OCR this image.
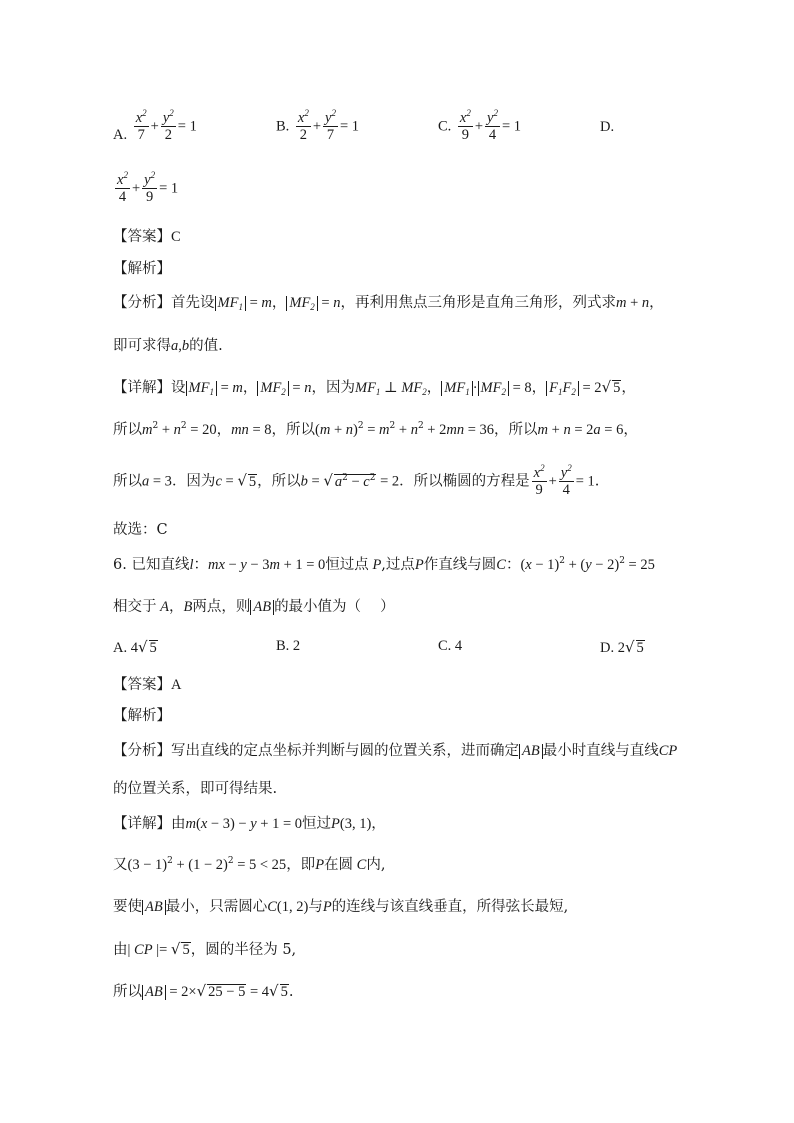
A. $\frac{x^2}{7} + \frac{y^2}{2} = 1$	B. $\frac{x^2}{2} + \frac{y^2}{7} = 1$	C. $\frac{x^2}{9} + \frac{y^2}{4} = 1$	D.
$\frac{x^2}{4} + \frac{y^2}{9} = 1$
【答案】C
【解析】
【分析】首先设 $MF_1 = m$， $MF_2 = n$，再利用焦点三角形是直角三角形，列式求m + n，
即可求得a,b的值.
【详解】设 $MF_1 = m$， $MF_2 = n$，因为$MF_1$ ⊥ $MF_2$， $MF_1 \cdot MF_2 = 8$， $F_1F_2 = 2√$ 5，
所以$m^2 + n^2 = 20$，mn = 8，所以$(m + n)^2 = m^2 + n^2 + 2mn = 36$，所以m + n = 2a = 6，
所以a = 3．因为c = √ 5，所以b = √ $a^2 - c^2 = 2$．所以椭圆的方程是 $\frac{x^2}{9} + \frac{y^2}{4} = 1$.
故选：C
6. 已知直线l：mx − y − 3m + 1 = 0恒过点 P,过点P作直线与圆C：$(x - 1)^2 + (y - 2)^2 = 25$
相交于 A，B两点，则 AB 的最小值为（　 ）
A. 4√ 5	B. 2	C. 4	D. 2√ 5
【答案】A
【解析】
【分析】写出直线的定点坐标并判断与圆的位置关系，进而确定 AB 最小时直线与直线CP
的位置关系，即可得结果.
【详解】由m(x − 3) − y + 1 = 0恒过P(3, 1)，
又$(3 - 1)^2 + (1 - 2)^2 = 5 < 25$，即P在圆 C内,
要使 AB 最小，只需圆心C(1, 2)与P的连线与该直线垂直，所得弦长最短,
由| CP |= √ 5，圆的半径为 5,
所以 AB = 2×√ 25 − 5 = 4√ 5.
